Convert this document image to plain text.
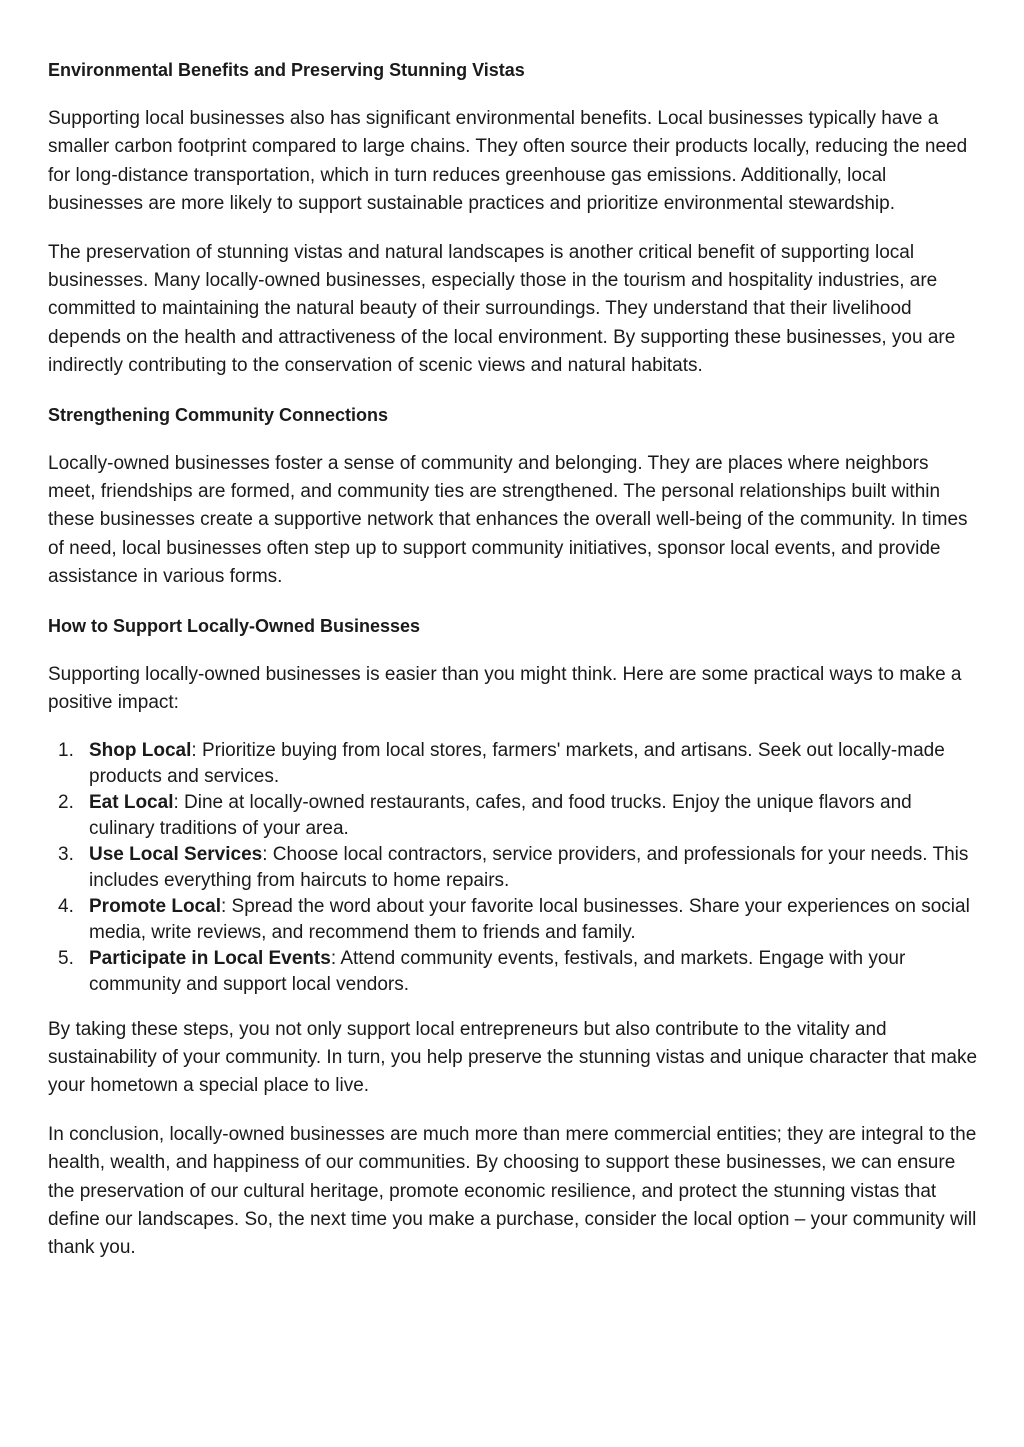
Environmental Benefits and Preserving Stunning Vistas

Supporting local businesses also has significant environmental benefits. Local businesses typically have a smaller carbon footprint compared to large chains. They often source their products locally, reducing the need for long-distance transportation, which in turn reduces greenhouse gas emissions. Additionally, local businesses are more likely to support sustainable practices and prioritize environmental stewardship.

The preservation of stunning vistas and natural landscapes is another critical benefit of supporting local businesses. Many locally-owned businesses, especially those in the tourism and hospitality industries, are committed to maintaining the natural beauty of their surroundings. They understand that their livelihood depends on the health and attractiveness of the local environment. By supporting these businesses, you are indirectly contributing to the conservation of scenic views and natural habitats.

Strengthening Community Connections

Locally-owned businesses foster a sense of community and belonging. They are places where neighbors meet, friendships are formed, and community ties are strengthened. The personal relationships built within these businesses create a supportive network that enhances the overall well-being of the community. In times of need, local businesses often step up to support community initiatives, sponsor local events, and provide assistance in various forms.

How to Support Locally-Owned Businesses

Supporting locally-owned businesses is easier than you might think. Here are some practical ways to make a positive impact:

1. Shop Local: Prioritize buying from local stores, farmers' markets, and artisans. Seek out locally-made products and services.
2. Eat Local: Dine at locally-owned restaurants, cafes, and food trucks. Enjoy the unique flavors and culinary traditions of your area.
3. Use Local Services: Choose local contractors, service providers, and professionals for your needs. This includes everything from haircuts to home repairs.
4. Promote Local: Spread the word about your favorite local businesses. Share your experiences on social media, write reviews, and recommend them to friends and family.
5. Participate in Local Events: Attend community events, festivals, and markets. Engage with your community and support local vendors.

By taking these steps, you not only support local entrepreneurs but also contribute to the vitality and sustainability of your community. In turn, you help preserve the stunning vistas and unique character that make your hometown a special place to live.

In conclusion, locally-owned businesses are much more than mere commercial entities; they are integral to the health, wealth, and happiness of our communities. By choosing to support these businesses, we can ensure the preservation of our cultural heritage, promote economic resilience, and protect the stunning vistas that define our landscapes. So, the next time you make a purchase, consider the local option – your community will thank you.
